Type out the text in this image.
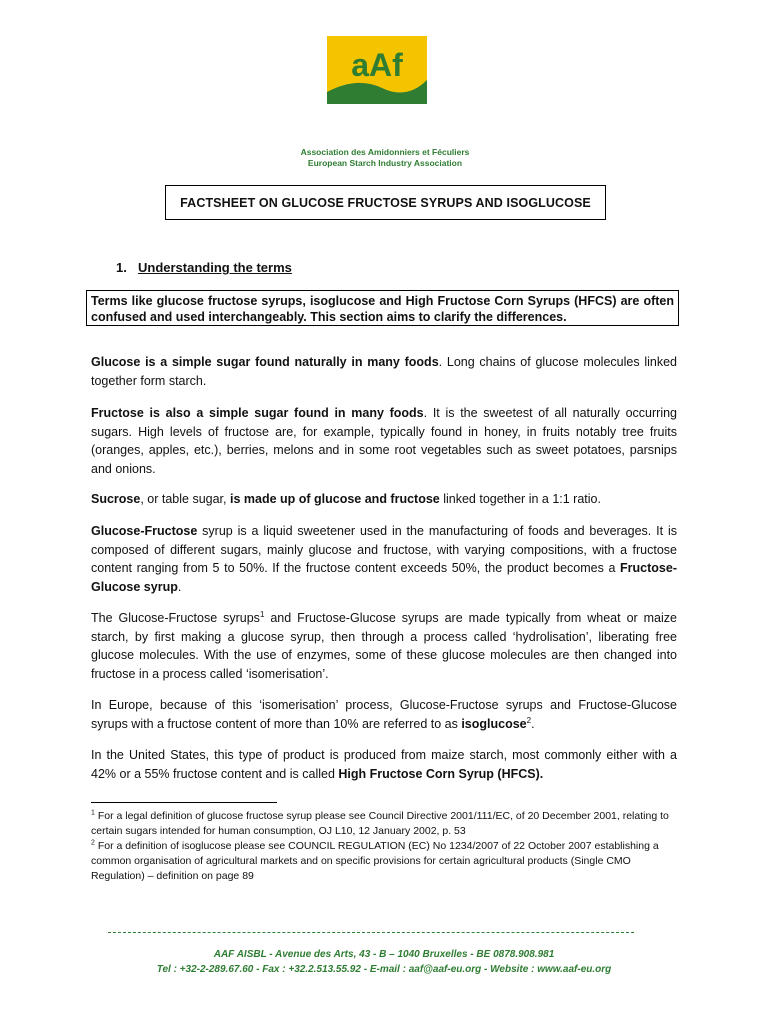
aAf
Association des Amidonniers et Féculiers
European Starch Industry Association
FACTSHEET ON GLUCOSE FRUCTOSE SYRUPS AND ISOGLUCOSE
1. Understanding the terms
Terms like glucose fructose syrups, isoglucose and High Fructose Corn Syrups (HFCS) are often confused and used interchangeably. This section aims to clarify the differences.

Glucose is a simple sugar found naturally in many foods. Long chains of glucose molecules linked together form starch.

Fructose is also a simple sugar found in many foods. It is the sweetest of all naturally occurring sugars. High levels of fructose are, for example, typically found in honey, in fruits notably tree fruits (oranges, apples, etc.), berries, melons and in some root vegetables such as sweet potatoes, parsnips and onions.

Sucrose, or table sugar, is made up of glucose and fructose linked together in a 1:1 ratio.

Glucose-Fructose syrup is a liquid sweetener used in the manufacturing of foods and beverages. It is composed of different sugars, mainly glucose and fructose, with varying compositions, with a fructose content ranging from 5 to 50%. If the fructose content exceeds 50%, the product becomes a Fructose-Glucose syrup.

The Glucose-Fructose syrups$^1$ and Fructose-Glucose syrups are made typically from wheat or maize starch, by first making a glucose syrup, then through a process called ‘hydrolisation’, liberating free glucose molecules. With the use of enzymes, some of these glucose molecules are then changed into fructose in a process called ‘isomerisation’.

In Europe, because of this ‘isomerisation’ process, Glucose-Fructose syrups and Fructose-Glucose syrups with a fructose content of more than 10% are referred to as isoglucose$^2$.

In the United States, this type of product is produced from maize starch, most commonly either with a 42% or a 55% fructose content and is called High Fructose Corn Syrup (HFCS).

$^1$ For a legal definition of glucose fructose syrup please see Council Directive 2001/111/EC, of 20 December 2001, relating to certain sugars intended for human consumption, OJ L10, 12 January 2002, p. 53

$^2$ For a definition of isoglucose please see COUNCIL REGULATION (EC) No 1234/2007 of 22 October 2007 establishing a common organisation of agricultural markets and on specific provisions for certain agricultural products (Single CMO Regulation) – definition on page 89

AAF AISBL - Avenue des Arts, 43 - B – 1040 Bruxelles - BE 0878.908.981
Tel : +32-2-289.67.60 - Fax : +32.2.513.55.92 - E-mail : aaf@aaf-eu.org - Website : www.aaf-eu.org
